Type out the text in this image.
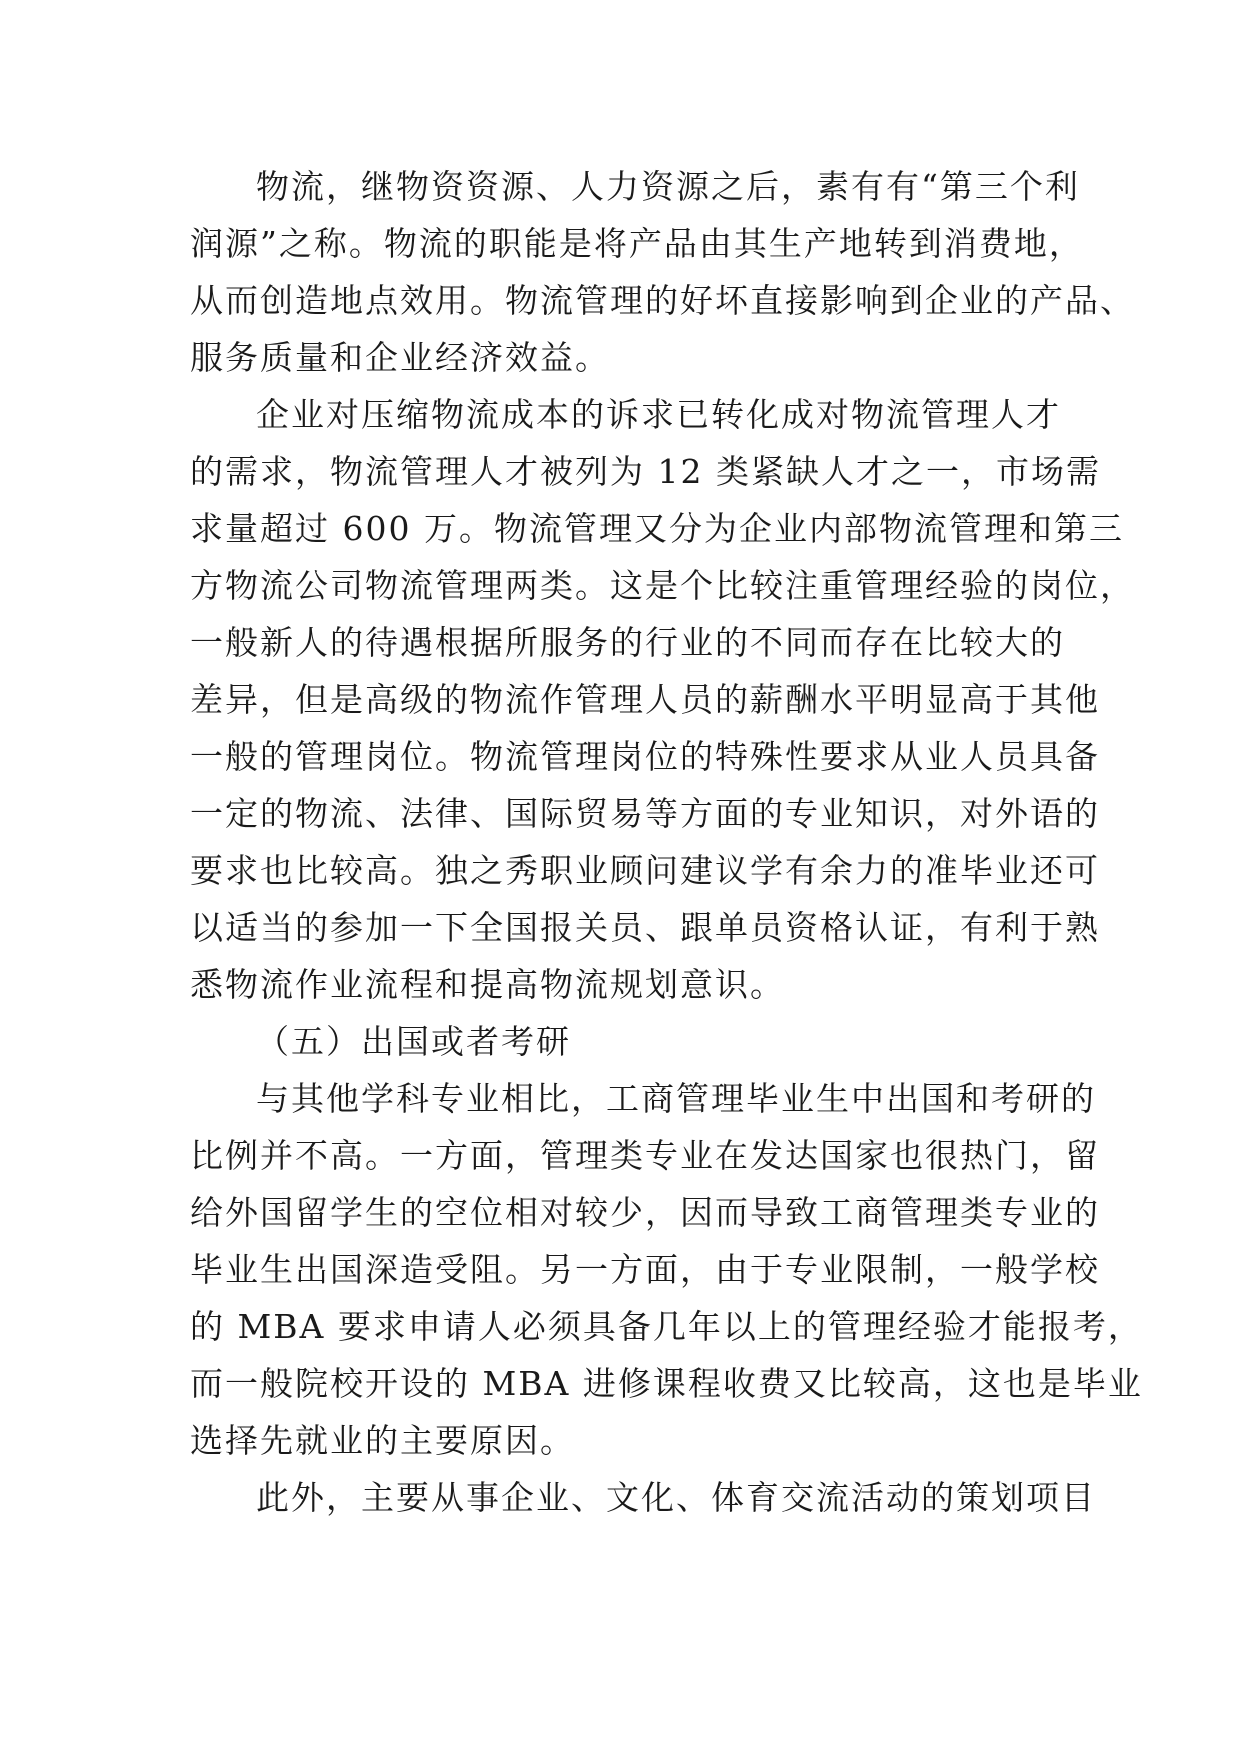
物流，继物资资源、人力资源之后，素有有“第三个利
润源”之称。物流的职能是将产品由其生产地转到消费地，
从而创造地点效用。物流管理的好坏直接影响到企业的产品、
服务质量和企业经济效益。
企业对压缩物流成本的诉求已转化成对物流管理人才
的需求，物流管理人才被列为 12 类紧缺人才之一，市场需
求量超过 600 万。物流管理又分为企业内部物流管理和第三
方物流公司物流管理两类。这是个比较注重管理经验的岗位，
一般新人的待遇根据所服务的行业的不同而存在比较大的
差异，但是高级的物流作管理人员的薪酬水平明显高于其他
一般的管理岗位。物流管理岗位的特殊性要求从业人员具备
一定的物流、法律、国际贸易等方面的专业知识，对外语的
要求也比较高。独之秀职业顾问建议学有余力的准毕业还可
以适当的参加一下全国报关员、跟单员资格认证，有利于熟
悉物流作业流程和提高物流规划意识。
（五）出国或者考研
与其他学科专业相比，工商管理毕业生中出国和考研的
比例并不高。一方面，管理类专业在发达国家也很热门，留
给外国留学生的空位相对较少，因而导致工商管理类专业的
毕业生出国深造受阻。另一方面，由于专业限制，一般学校
的 MBA 要求申请人必须具备几年以上的管理经验才能报考，
而一般院校开设的 MBA 进修课程收费又比较高，这也是毕业
选择先就业的主要原因。
此外，主要从事企业、文化、体育交流活动的策划项目
